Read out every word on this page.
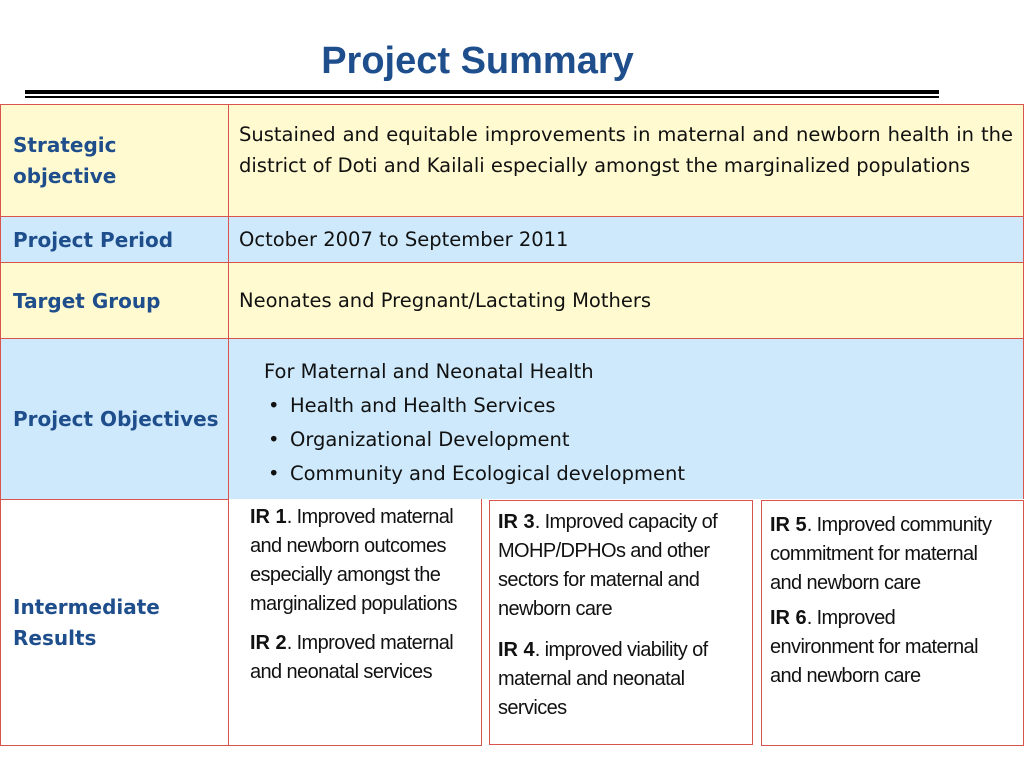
Project Summary
Strategic objective
Sustained and equitable improvements in maternal and newborn health in the district of Doti and Kailali especially amongst the marginalized populations
Project Period	October 2007 to September 2011
Target Group	Neonates and Pregnant/Lactating Mothers
Project Objectives

For Maternal and Neonatal Health

• Health and Health Services
• Organizational Development
• Community and Ecological development
Intermediate Results

IR 1. Improved maternal and newborn outcomes especially amongst the marginalized populations

IR 2. Improved maternal and neonatal services

IR 3. Improved capacity of MOHP/DPHOs and other sectors for maternal and newborn care

IR 4. improved viability of maternal and neonatal services

IR 5. Improved community commitment for maternal and newborn care

IR 6. Improved environment for maternal and newborn care
